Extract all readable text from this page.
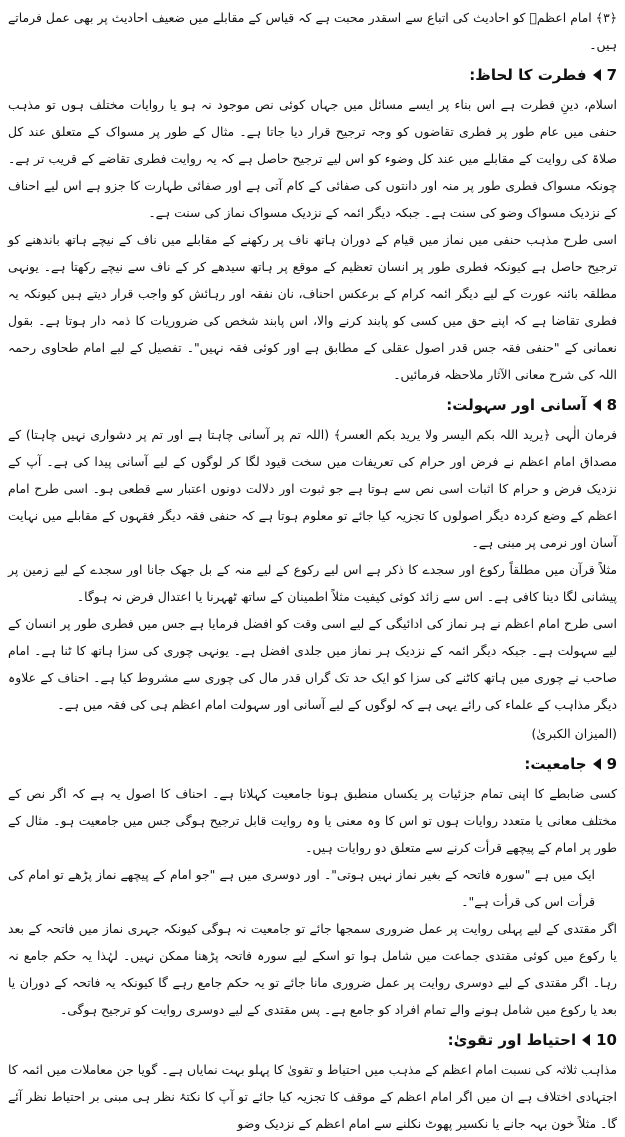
﴿۳﴾ امام اعظمؒ کو احادیث کی اتباع سے اسقدر محبت ہے کہ قیاس کے مقابلے میں ضعیف احادیث پر بھی عمل فرماتے ہیں۔

7
فطرت کا لحاظ:

اسلام، دینِ فطرت ہے اس بناء پر ایسے مسائل میں جہاں کوئی نص موجود نہ ہو یا روایات مختلف ہوں تو مذہب حنفی میں عام طور پر فطری تقاضوں کو وجہ ترجیح قرار دیا جاتا ہے۔ مثال کے طور پر مسواک کے متعلق عند کل صلاۃ کی روایت کے مقابلے میں عند کل وضوء کو اس لیے ترجیح حاصل ہے کہ یہ روایت فطری تقاضے کے قریب تر ہے۔ چونکہ مسواک فطری طور پر منہ اور دانتوں کی صفائی کے کام آتی ہے اور صفائی طہارت کا جزو ہے اس لیے احناف کے نزدیک مسواک وضو کی سنت ہے۔ جبکہ دیگر ائمہ کے نزدیک مسواک نماز کی سنت ہے۔

اسی طرح مذہب حنفی میں نماز میں قیام کے دوران ہاتھ ناف پر رکھنے کے مقابلے میں ناف کے نیچے ہاتھ باندھنے کو ترجیح حاصل ہے کیونکہ فطری طور پر انسان تعظیم کے موقع پر ہاتھ سیدھے کر کے ناف سے نیچے رکھتا ہے۔ یونہی مطلقہ بائنہ عورت کے لیے دیگر ائمہ کرام کے برعکس احناف، نان نفقہ اور رہائش کو واجب قرار دیتے ہیں کیونکہ یہ فطری تقاضا ہے کہ اپنے حق میں کسی کو پابند کرنے والا، اس پابند شخص کی ضروریات کا ذمہ دار ہوتا ہے۔ بقول نعمانی کے "حنفی فقہ جس قدر اصول عقلی کے مطابق ہے اور کوئی فقہ نہیں"۔ تفصیل کے لیے امام طحاوی رحمہ اللہ کی شرح معانی الآثار ملاحظہ فرمائیں۔

8
آسانی اور سہولت:

فرمان الٰہی ﴿یرید اللہ بکم الیسر ولا یرید بکم العسر﴾ (اللہ تم پر آسانی چاہتا ہے اور تم پر دشواری نہیں چاہتا) کے مصداق امام اعظم نے فرض اور حرام کی تعریفات میں سخت قیود لگا کر لوگوں کے لیے آسانی پیدا کی ہے۔ آپ کے نزدیک فرض و حرام کا اثبات اسی نص سے ہوتا ہے جو ثبوت اور دلالت دونوں اعتبار سے قطعی ہو۔ اسی طرح امام اعظم کے وضع کردہ دیگر اصولوں کا تجزیہ کیا جائے تو معلوم ہوتا ہے کہ حنفی فقہ دیگر فقہوں کے مقابلے میں نہایت آسان اور نرمی پر مبنی ہے۔

مثلاً قرآن میں مطلقاً رکوع اور سجدے کا ذکر ہے اس لیے رکوع کے لیے منہ کے بل جھک جانا اور سجدے کے لیے زمین پر پیشانی لگا دینا کافی ہے۔ اس سے زائد کوئی کیفیت مثلاً اطمینان کے ساتھ ٹھہرنا یا اعتدال فرض نہ ہوگا۔

اسی طرح امام اعظم نے ہر نماز کی ادائیگی کے لیے اسی وقت کو افضل فرمایا ہے جس میں فطری طور پر انسان کے لیے سہولت ہے۔ جبکہ دیگر ائمہ کے نزدیک ہر نماز میں جلدی افضل ہے۔ یونہی چوری کی سزا ہاتھ کا ٹنا ہے۔ امام صاحب نے چوری میں ہاتھ کاٹنے کی سزا کو ایک حد تک گراں قدر مال کی چوری سے مشروط کیا ہے۔ احناف کے علاوہ دیگر مذاہب کے علماء کی رائے یہی ہے کہ لوگوں کے لیے آسانی اور سہولت امام اعظم ہی کی فقہ میں ہے۔

(المیزان الکبریٰ)

9
جامعیت:

کسی ضابطے کا اپنی تمام جزئیات پر یکساں منطبق ہونا جامعیت کہلاتا ہے۔ احناف کا اصول یہ ہے کہ اگر نص کے مختلف معانی یا متعدد روایات ہوں تو اس کا وہ معنی یا وہ روایت قابل ترجیح ہوگی جس میں جامعیت ہو۔ مثال کے طور پر امام کے پیچھے قرأت کرنے سے متعلق دو روایات ہیں۔

ایک میں ہے "سورہ فاتحہ کے بغیر نماز نہیں ہوتی"۔ اور دوسری میں ہے "جو امام کے پیچھے نماز پڑھے تو امام کی قرأت اس کی قرأت ہے"۔

اگر مقتدی کے لیے پہلی روایت پر عمل ضروری سمجھا جائے تو جامعیت نہ ہوگی کیونکہ جہری نماز میں فاتحہ کے بعد یا رکوع میں کوئی مقتدی جماعت میں شامل ہوا تو اسکے لیے سورہ فاتحہ پڑھنا ممکن نہیں۔ لہٰذا یہ حکم جامع نہ رہا۔ اگر مقتدی کے لیے دوسری روایت پر عمل ضروری مانا جائے تو یہ حکم جامع رہے گا کیونکہ یہ فاتحہ کے دوران یا بعد یا رکوع میں شامل ہونے والے تمام افراد کو جامع ہے۔ پس مقتدی کے لیے دوسری روایت کو ترجیح ہوگی۔

10
احتیاط اور تقویٰ:

مذاہب ثلاثہ کی نسبت امام اعظم کے مذہب میں احتیاط و تقویٰ کا پہلو بہت نمایاں ہے۔ گویا جن معاملات میں ائمہ کا اجتہادی اختلاف ہے ان میں اگر امام اعظم کے موقف کا تجزیہ کیا جائے تو آپ کا نکتۂ نظر ہی مبنی بر احتیاط نظر آئے گا۔ مثلاً خون بہہ جانے یا نکسیر پھوٹ نکلنے سے امام اعظم کے نزدیک وضو
